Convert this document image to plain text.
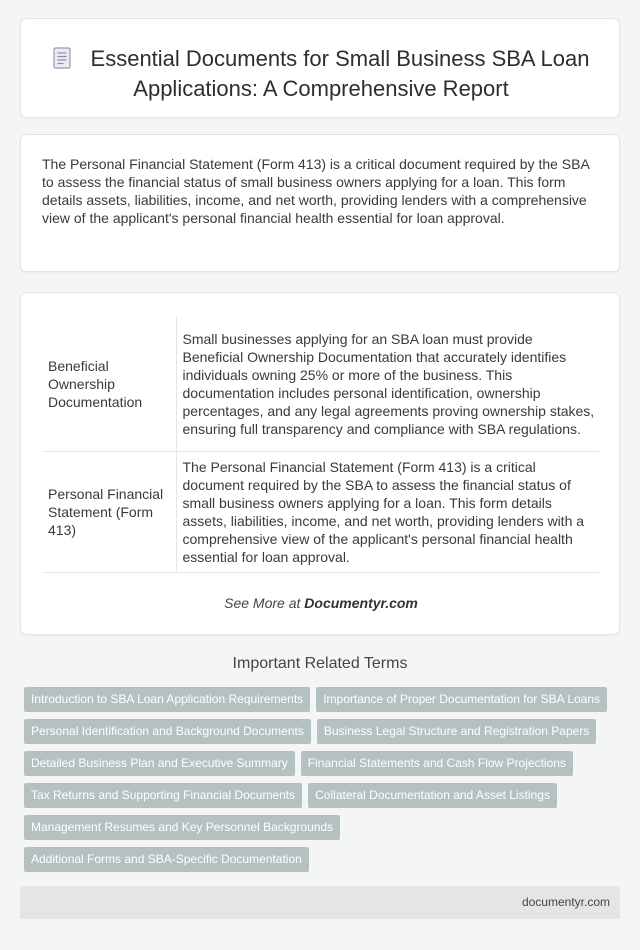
Essential Documents for Small Business SBA Loan Applications: A Comprehensive Report

The Personal Financial Statement (Form 413) is a critical document required by the SBA to assess the financial status of small business owners applying for a loan. This form details assets, liabilities, income, and net worth, providing lenders with a comprehensive view of the applicant's personal financial health essential for loan approval.

Beneficial Ownership Documentation	Small businesses applying for an SBA loan must provide Beneficial Ownership Documentation that accurately identifies individuals owning 25% or more of the business. This documentation includes personal identification, ownership percentages, and any legal agreements proving ownership stakes, ensuring full transparency and compliance with SBA regulations.
Personal Financial Statement (Form 413)	The Personal Financial Statement (Form 413) is a critical document required by the SBA to assess the financial status of small business owners applying for a loan. This form details assets, liabilities, income, and net worth, providing lenders with a comprehensive view of the applicant's personal financial health essential for loan approval.
See More at Documentyr.com
Important Related Terms
Introduction to SBA Loan Application Requirements Importance of Proper Documentation for SBA Loans
Personal Identification and Background Documents Business Legal Structure and Registration Papers
Detailed Business Plan and Executive Summary Financial Statements and Cash Flow Projections
Tax Returns and Supporting Financial Documents Collateral Documentation and Asset Listings
Management Resumes and Key Personnel Backgrounds
Additional Forms and SBA-Specific Documentation
documentyr.com
